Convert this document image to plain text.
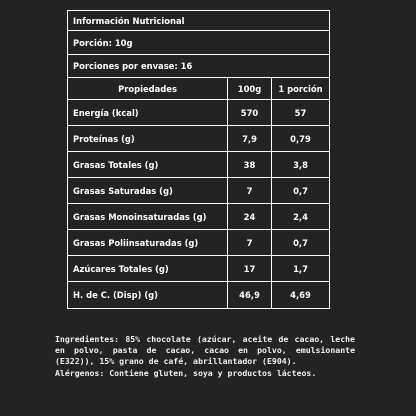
Información Nutricional
Porción: 10g
Porciones por envase: 16
Propiedades	100g	1 porción
Energía (kcal)	570	57
Proteínas (g)	7,9	0,79
Grasas Totales (g)	38	3,8
Grasas Saturadas (g)	7	0,7
Grasas Monoinsaturadas (g)	24	2,4
Grasas Poliinsaturadas (g)	7	0,7
Azúcares Totales (g)	17	1,7
H. de C. (Disp) (g)	46,9	4,69

Ingredientes: 85% chocolate (azúcar, aceite de cacao, leche en polvo, pasta de cacao, cacao en polvo, emulsionante (E322)), 15% grano de café, abrillantador (E904).

Alérgenos: Contiene gluten, soya y productos lácteos.
